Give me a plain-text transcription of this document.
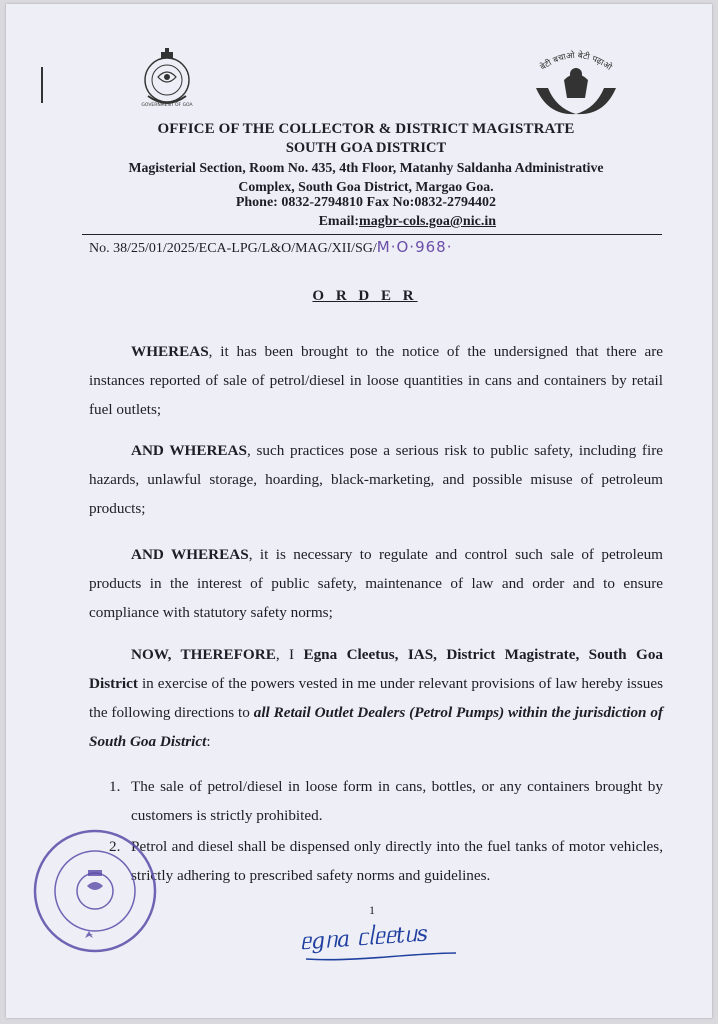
GOVERNMENT OF GOA
बेटी बचाओ बेटी पढ़ाओ
OFFICE OF THE COLLECTOR & DISTRICT MAGISTRATE
SOUTH GOA DISTRICT
Magisterial Section, Room No. 435, 4th Floor, Matanhy Saldanha Administrative
Complex, South Goa District, Margao Goa.
Phone: 0832-2794810 Fax No:0832-2794402
Email:magbr-cols.goa@nic.in
No. 38/25/01/2025/ECA-LPG/L&O/MAG/XII/SG/M·O·968·
O R D E R

WHEREAS, it has been brought to the notice of the undersigned that there are instances reported of sale of petrol/diesel in loose quantities in cans and containers by retail fuel outlets;

AND WHEREAS, such practices pose a serious risk to public safety, including fire hazards, unlawful storage, hoarding, black-marketing, and possible misuse of petroleum products;

AND WHEREAS, it is necessary to regulate and control such sale of petroleum products in the interest of public safety, maintenance of law and order and to ensure compliance with statutory safety norms;

NOW, THEREFORE, I Egna Cleetus, IAS, District Magistrate, South Goa District in exercise of the powers vested in me under relevant provisions of law hereby issues the following directions to all Retail Outlet Dealers (Petrol Pumps) within the jurisdiction of South Goa District:

1. The sale of petrol/diesel in loose form in cans, bottles, or any containers brought by customers is strictly prohibited.
2. Petrol and diesel shall be dispensed only directly into the fuel tanks of motor vehicles, strictly adhering to prescribed safety norms and guidelines.
1
ᥱgᥒa ᥴᥣᥱᥱtᥙs
